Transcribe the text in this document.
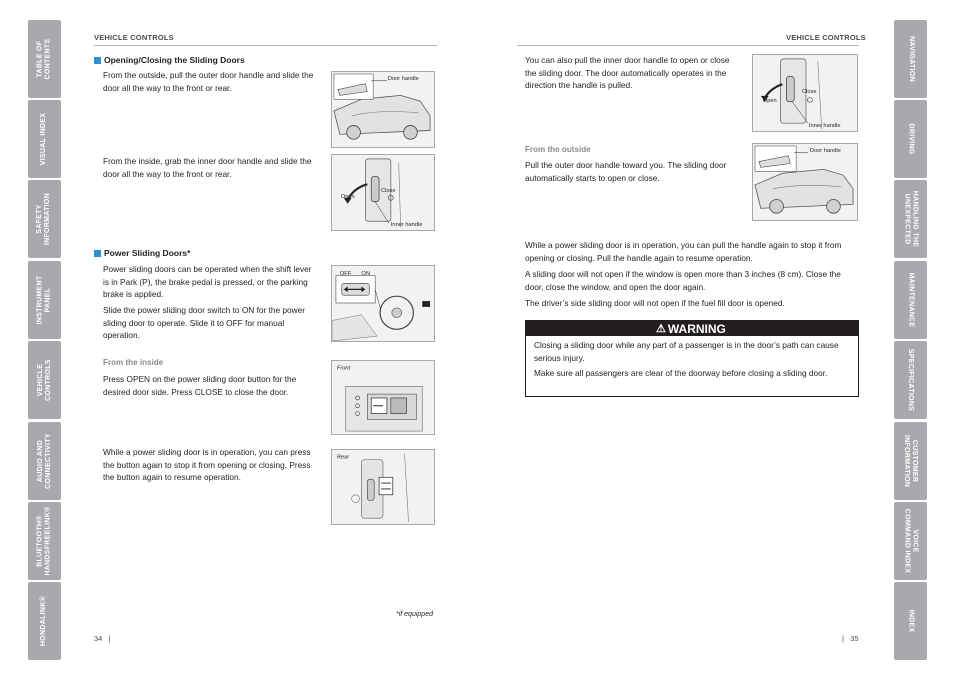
TABLE OF
CONTENTS
VISUAL INDEX
SAFETY
INFORMATION
INSTRUMENT
PANEL
VEHICLE
CONTROLS
AUDIO AND
CONNECTIVITY
BLUETOOTH®
HANDSFREELINK®
HONDALINK®
NAVIGATION
DRIVING
HANDLING THE
UNEXPECTED
MAINTENANCE
SPECIFICATIONS
CUSTOMER
INFORMATION
VOICE
COMMAND INDEX
INDEX
VEHICLE CONTROLS
Opening/Closing the Sliding Doors
From the outside, pull the outer door handle and slide the door all the way to the front or rear.
Door handle
From the inside, grab the inner door handle and slide the door all the way to the front or rear.
Open
Close
Inner handle
Power Sliding Doors*
Power sliding doors can be operated when the shift lever is in Park (P), the brake pedal is pressed, or the parking brake is applied.
Slide the power sliding door switch to ON for the power sliding door to operate. Slide it to OFF for manual operation.
OFF ON
From the inside
Press OPEN on the power sliding door button for the desired door side. Press CLOSE to close the door.
Front
While a power sliding door is in operation, you can press the button again to stop it from opening or closing. Press the button again to resume operation.
Rear
*if equipped
34   |
VEHICLE CONTROLS
You can also pull the inner door handle to open or close the sliding door. The door automatically operates in the direction the handle is pulled.
Open
Close
Inner handle
From the outside
Pull the outer door handle toward you. The sliding door automatically starts to open or close.
Door handle
While a power sliding door is in operation, you can pull the handle again to stop it from opening or closing. Pull the handle again to resume operation.
A sliding door will not open if the window is open more than 3 inches (8 cm). Close the door, close the window, and open the door again.
The driver’s side sliding door will not open if the fuel fill door is opened.
⚠ WARNING
Closing a sliding door while any part of a passenger is in the door’s path can cause serious injury.
Make sure all passengers are clear of the doorway before closing a sliding door.
|   35
